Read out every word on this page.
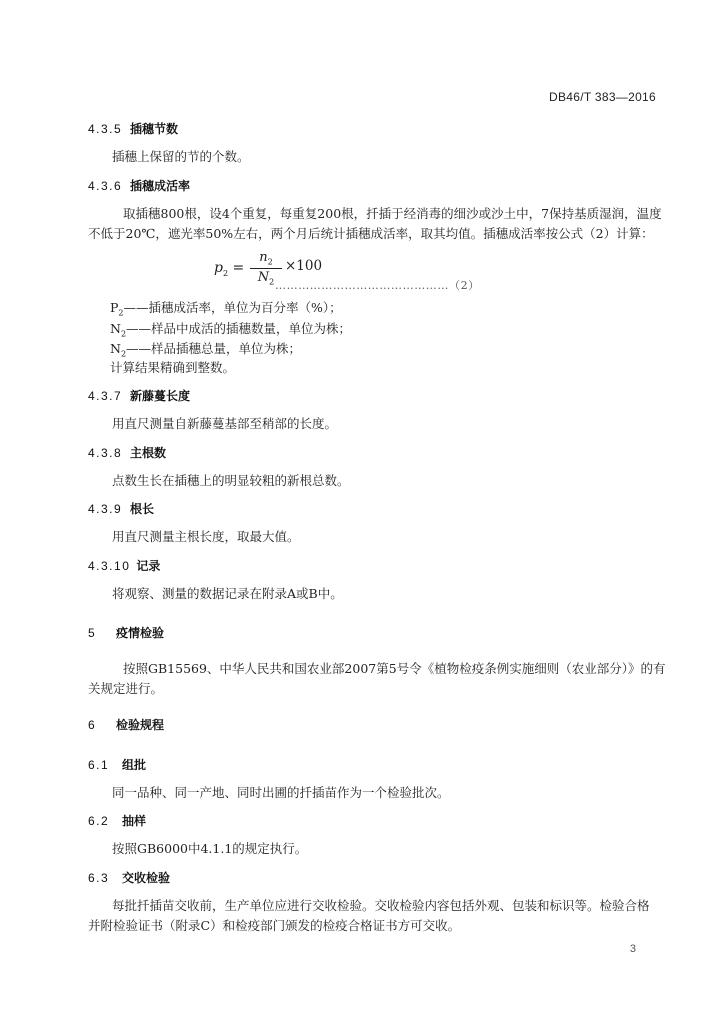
DB46/T 383—2016
4.3.5 插穗节数
插穗上保留的节的个数。
4.3.6 插穗成活率
取插穗800根，设4个重复，每重复200根，扦插于经消毒的细沙或沙土中，7保持基质湿润，温度
不低于20℃，遮光率50%左右，两个月后统计插穗成活率，取其均值。插穗成活率按公式（2）计算：
$p_2$ =
$n_2$
$N_2$
×100
………………………………………（2）
$P_2——$插穗成活率，单位为百分率（%）；
$N_2——$样品中成活的插穗数量，单位为株；
$N_2——$样品插穗总量，单位为株；
计算结果精确到整数。
4.3.7 新藤蔓长度
用直尺测量自新藤蔓基部至稍部的长度。
4.3.8 主根数
点数生长在插穗上的明显较粗的新根总数。
4.3.9 根长
用直尺测量主根长度，取最大值。
4.3.10 记录
将观察、测量的数据记录在附录A或B中。
5 疫情检验
按照GB15569、中华人民共和国农业部2007第5号令《植物检疫条例实施细则（农业部分）》的有
关规定进行。
6 检验规程
6.1 组批
同一品种、同一产地、同时出圃的扦插苗作为一个检验批次。
6.2 抽样
按照GB6000中4.1.1的规定执行。
6.3 交收检验
每批扦插苗交收前，生产单位应进行交收检验。交收检验内容包括外观、包装和标识等。检验合格
并附检验证书（附录C）和检疫部门颁发的检疫合格证书方可交收。
3
